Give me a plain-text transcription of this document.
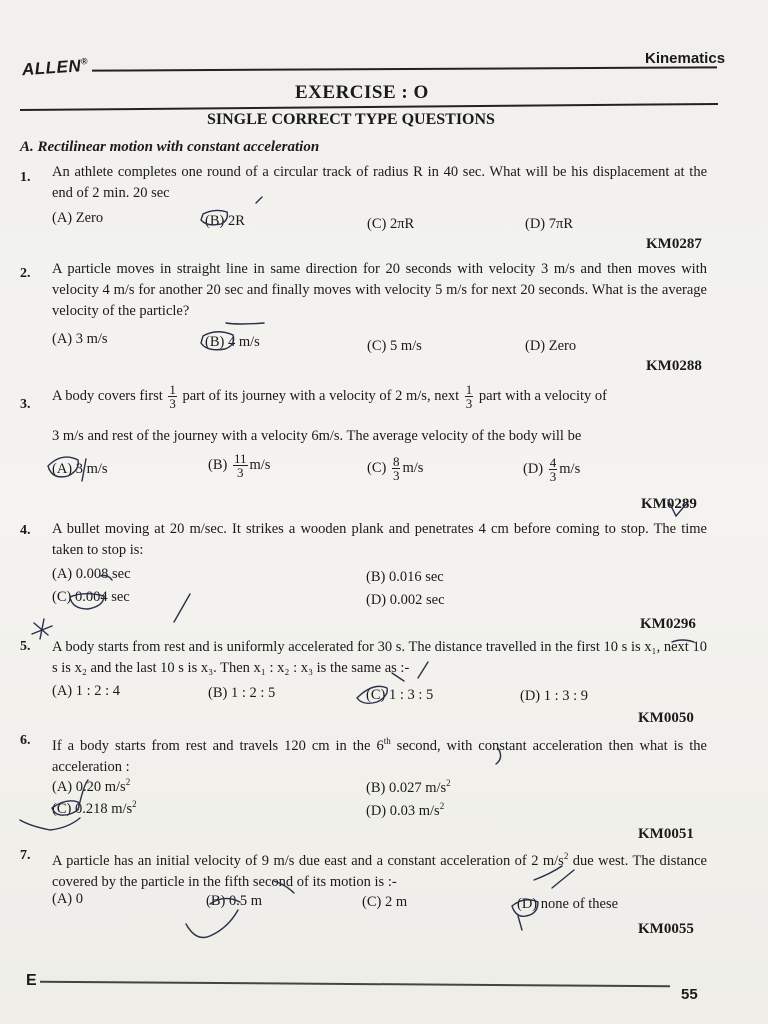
ALLEN®	Kinematics
EXERCISE : O
SINGLE CORRECT TYPE QUESTIONS
A. Rectilinear motion with constant acceleration
1. An athlete completes one round of a circular track of radius R in 40 sec. What will be his displacement at the end of 2 min. 20 sec
(A) Zero	(B) 2R	(C) 2πR	(D) 7πR
KM0287
2. A particle moves in straight line in same direction for 20 seconds with velocity 3 m/s and then moves with velocity 4 m/s for another 20 sec and finally moves with velocity 5 m/s for next 20 seconds. What is the average velocity of the particle?
(A) 3 m/s	(B) 4 m/s	(C) 5 m/s	(D) Zero
KM0288
3.
A body covers first $\frac{1}{3}$ part of its journey with a velocity of 2 m/s, next $\frac{1}{3}$ part with a velocity of
3 m/s and rest of the journey with a velocity 6m/s. The average velocity of the body will be
(A) 3 m/s	$(B) \frac{11}{3} m/s$	$(C) \frac{8}{3} m/s$	$(D) \frac{4}{3} m/s$
KM0289
4. A bullet moving at 20 m/sec. It strikes a wooden plank and penetrates 4 cm before coming to stop. The time taken to stop is:
(A) 0.008 sec	(B) 0.016 sec
(C) 0.004 sec	(D) 0.002 sec
KM0296
5. A body starts from rest and is uniformly accelerated for 30 s. The distance travelled in the first 10 s is x₁, next 10 s is x₂ and the last 10 s is x₃. Then x₁ : x₂ : x₃ is the same as :-
(A) 1 : 2 : 4	(B) 1 : 2 : 5	(C) 1 : 3 : 5	(D) 1 : 3 : 9
KM0050
6. If a body starts from rest and travels 120 cm in the 6th second, with constant acceleration then what is the acceleration :
(A) 0.20 $m/s^2$	(B) 0.027 $m/s^2$
(C) 0.218 $m/s^2$	(D) 0.03 $m/s^2$
KM0051
7. A particle has an initial velocity of 9 m/s due east and a constant acceleration of 2 $m/s^2$ due west. The distance covered by the particle in the fifth second of its motion is :-
(A) 0	(B) 0.5 m	(C) 2 m	(D) none of these
KM0055
E
55
